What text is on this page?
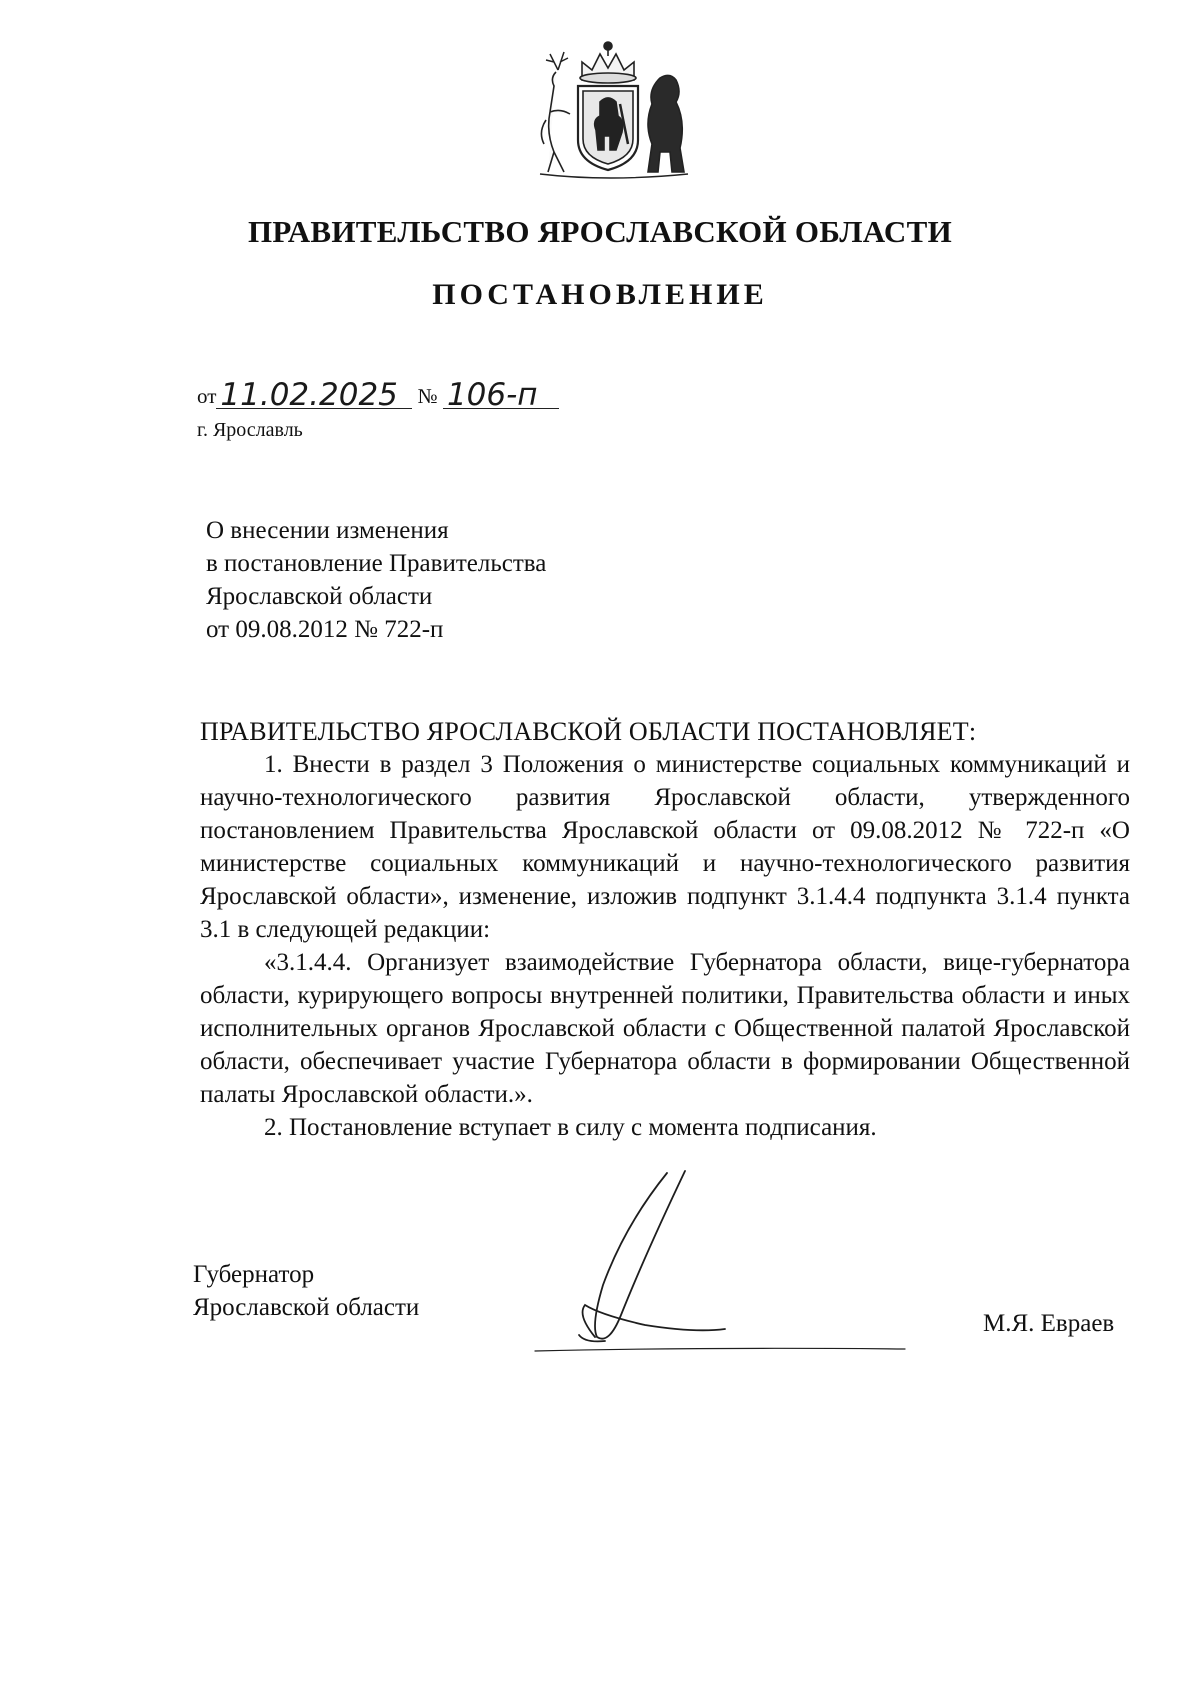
ПРАВИТЕЛЬСТВО ЯРОСЛАВСКОЙ ОБЛАСТИ
ПОСТАНОВЛЕНИЕ
от 11.02.2025 № 106-п
г. Ярославль
О внесении изменения
в постановление Правительства
Ярославской области
от 09.08.2012 № 722-п

ПРАВИТЕЛЬСТВО ЯРОСЛАВСКОЙ ОБЛАСТИ ПОСТАНОВЛЯЕТ:

1. Внести в раздел 3 Положения о министерстве социальных коммуникаций и научно-технологического развития Ярославской области, утвержденного постановлением Правительства Ярославской области от 09.08.2012 № 722-п «О министерстве социальных коммуникаций и научно-технологического развития Ярославской области», изменение, изложив подпункт 3.1.4.4 подпункта 3.1.4 пункта 3.1 в следующей редакции:

«3.1.4.4. Организует взаимодействие Губернатора области, вице-губернатора области, курирующего вопросы внутренней политики, Правительства области и иных исполнительных органов Ярославской области с Общественной палатой Ярославской области, обеспечивает участие Губернатора области в формировании Общественной палаты Ярославской области.».

2. Постановление вступает в силу с момента подписания.

Губернатор
Ярославской области
М.Я. Евраев
